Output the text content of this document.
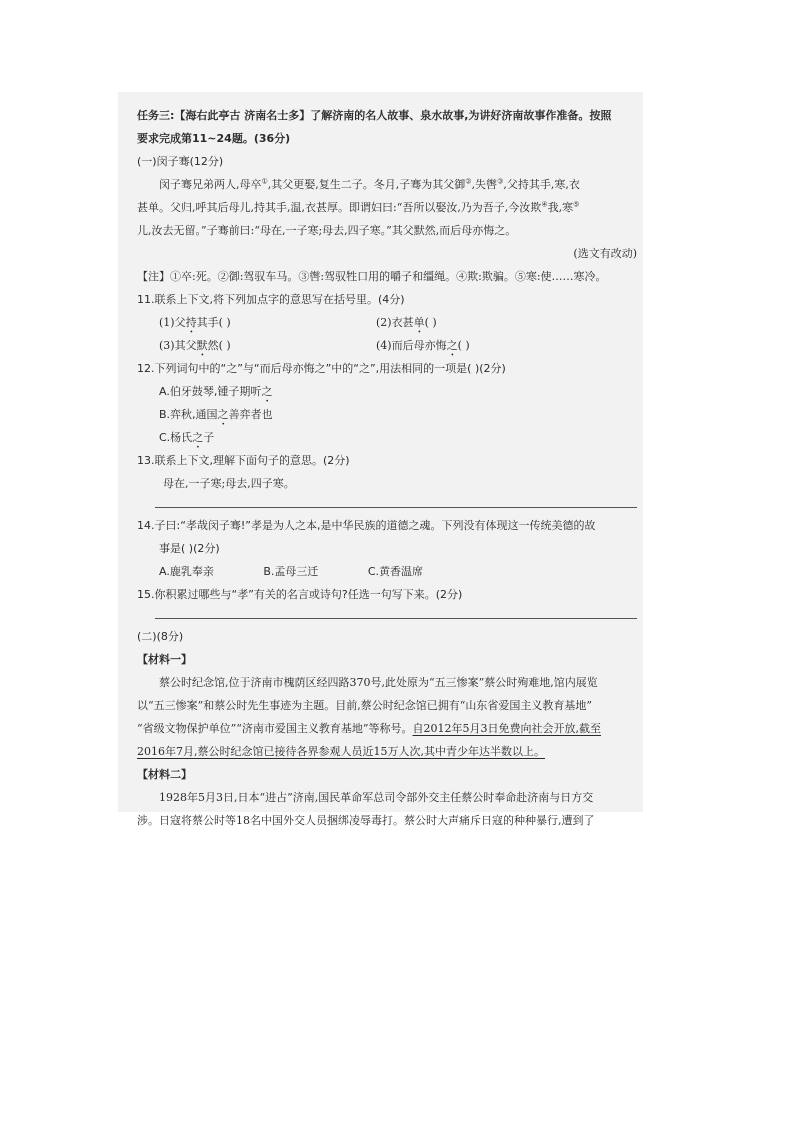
任务三:【海右此亭古 济南名士多】了解济南的名人故事、泉水故事,为讲好济南故事作准备。按照
要求完成第11~24题。(36分)
(一)闵子骞(12分)
闵子骞兄弟两人,母卒①,其父更娶,复生二子。冬月,子骞为其父御②,失辔③,父持其手,寒,衣
甚单。父归,呼其后母儿,持其手,温,衣甚厚。即谓妇曰:“吾所以娶汝,乃为吾子,今汝欺④我,寒⑤
儿,汝去无留。”子骞前曰:“母在,一子寒;母去,四子寒。”其父默然,而后母亦悔之。
(选文有改动)
【注】①卒:死。②御:驾驭车马。③辔:驾驭牲口用的嚼子和缰绳。④欺:欺骗。⑤寒:使……寒冷。
11.联系上下文,将下列加点字的意思写在括号里。(4分)
(1)父持其手( )	(2)衣甚单( )
(3)其父默然( )	(4)而后母亦悔之( )
12.下列词句中的“之”与“而后母亦悔之”中的“之”,用法相同的一项是( )(2分)
A.伯牙鼓琴,锺子期听之
B.弈秋,通国之善弈者也
C.杨氏之子
13.联系上下文,理解下面句子的意思。(2分)
母在,一子寒;母去,四子寒。
14.子曰:“孝哉闵子骞!”孝是为人之本,是中华民族的道德之魂。下列没有体现这一传统美德的故
事是( )(2分)
A.鹿乳奉亲	B.孟母三迁	C.黄香温席
15.你积累过哪些与“孝”有关的名言或诗句?任选一句写下来。(2分)
(二)(8分)
【材料一】
蔡公时纪念馆,位于济南市槐荫区经四路370号,此处原为“五三惨案”蔡公时殉难地,馆内展览
以“五三惨案”和蔡公时先生事迹为主题。目前,蔡公时纪念馆已拥有“山东省爱国主义教育基地”
“省级文物保护单位”“济南市爱国主义教育基地”等称号。自2012年5月3日免费向社会开放,截至
2016年7月,蔡公时纪念馆已接待各界参观人员近15万人次,其中青少年达半数以上。
【材料二】
1928年5月3日,日本“进占”济南,国民革命军总司令部外交主任蔡公时奉命赴济南与日方交
涉。日寇将蔡公时等18名中国外交人员捆绑凌辱毒打。蔡公时大声痛斥日寇的种种暴行,遭到了
